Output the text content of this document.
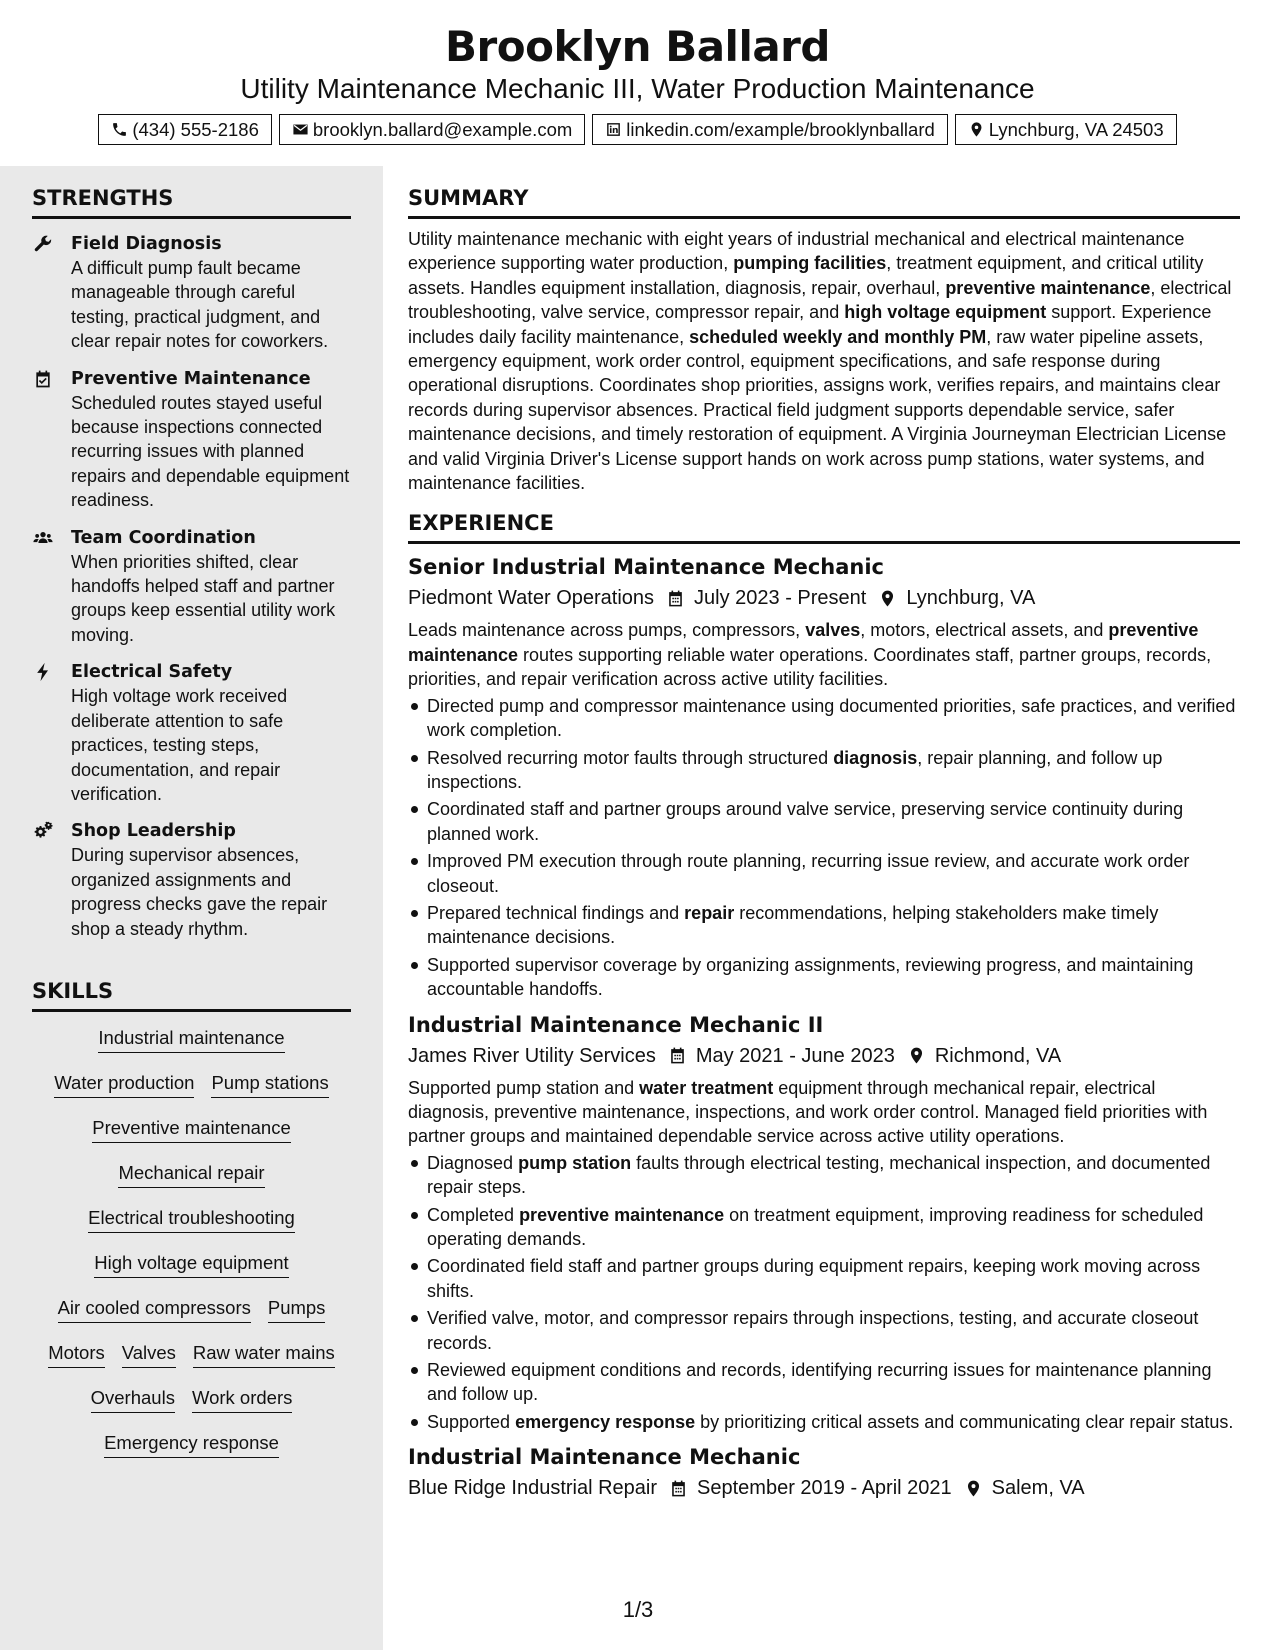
Brooklyn Ballard
Utility Maintenance Mechanic III, Water Production Maintenance
(434) 555-2186	brooklyn.ballard@example.com	linkedin.com/example/brooklynballard	Lynchburg, VA 24503
STRENGTHS
Field Diagnosis
A difficult pump fault became manageable through careful testing, practical judgment, and clear repair notes for coworkers.
Preventive Maintenance
Scheduled routes stayed useful because inspections connected recurring issues with planned repairs and dependable equipment readiness.
Team Coordination
When priorities shifted, clear handoffs helped staff and partner groups keep essential utility work moving.
Electrical Safety
High voltage work received deliberate attention to safe practices, testing steps, documentation, and repair verification.
Shop Leadership
During supervisor absences, organized assignments and progress checks gave the repair shop a steady rhythm.
SKILLS
Industrial maintenance
Water production Pump stations
Preventive maintenance
Mechanical repair
Electrical troubleshooting
High voltage equipment
Air cooled compressors Pumps
Motors Valves Raw water mains
Overhauls Work orders
Emergency response
SUMMARY

Utility maintenance mechanic with eight years of industrial mechanical and electrical maintenance experience supporting water production, pumping facilities, treatment equipment, and critical utility assets. Handles equipment installation, diagnosis, repair, overhaul, preventive maintenance, electrical troubleshooting, valve service, compressor repair, and high voltage equipment support. Experience includes daily facility maintenance, scheduled weekly and monthly PM, raw water pipeline assets, emergency equipment, work order control, equipment specifications, and safe response during operational disruptions. Coordinates shop priorities, assigns work, verifies repairs, and maintains clear records during supervisor absences. Practical field judgment supports dependable service, safer maintenance decisions, and timely restoration of equipment. A Virginia Journeyman Electrician License and valid Virginia Driver's License support hands on work across pump stations, water systems, and maintenance facilities.

EXPERIENCE
Senior Industrial Maintenance Mechanic
Piedmont Water Operations July 2023 - Present Lynchburg, VA

Leads maintenance across pumps, compressors, valves, motors, electrical assets, and preventive maintenance routes supporting reliable water operations. Coordinates staff, partner groups, records, priorities, and repair verification across active utility facilities.

Directed pump and compressor maintenance using documented priorities, safe practices, and verified work completion.
Resolved recurring motor faults through structured diagnosis, repair planning, and follow up inspections.
Coordinated staff and partner groups around valve service, preserving service continuity during planned work.
Improved PM execution through route planning, recurring issue review, and accurate work order closeout.
Prepared technical findings and repair recommendations, helping stakeholders make timely maintenance decisions.
Supported supervisor coverage by organizing assignments, reviewing progress, and maintaining accountable handoffs.
Industrial Maintenance Mechanic II
James River Utility Services May 2021 - June 2023 Richmond, VA

Supported pump station and water treatment equipment through mechanical repair, electrical diagnosis, preventive maintenance, inspections, and work order control. Managed field priorities with partner groups and maintained dependable service across active utility operations.

Diagnosed pump station faults through electrical testing, mechanical inspection, and documented repair steps.
Completed preventive maintenance on treatment equipment, improving readiness for scheduled operating demands.
Coordinated field staff and partner groups during equipment repairs, keeping work moving across shifts.
Verified valve, motor, and compressor repairs through inspections, testing, and accurate closeout records.
Reviewed equipment conditions and records, identifying recurring issues for maintenance planning and follow up.
Supported emergency response by prioritizing critical assets and communicating clear repair status.
Industrial Maintenance Mechanic
Blue Ridge Industrial Repair September 2019 - April 2021 Salem, VA
1/3
